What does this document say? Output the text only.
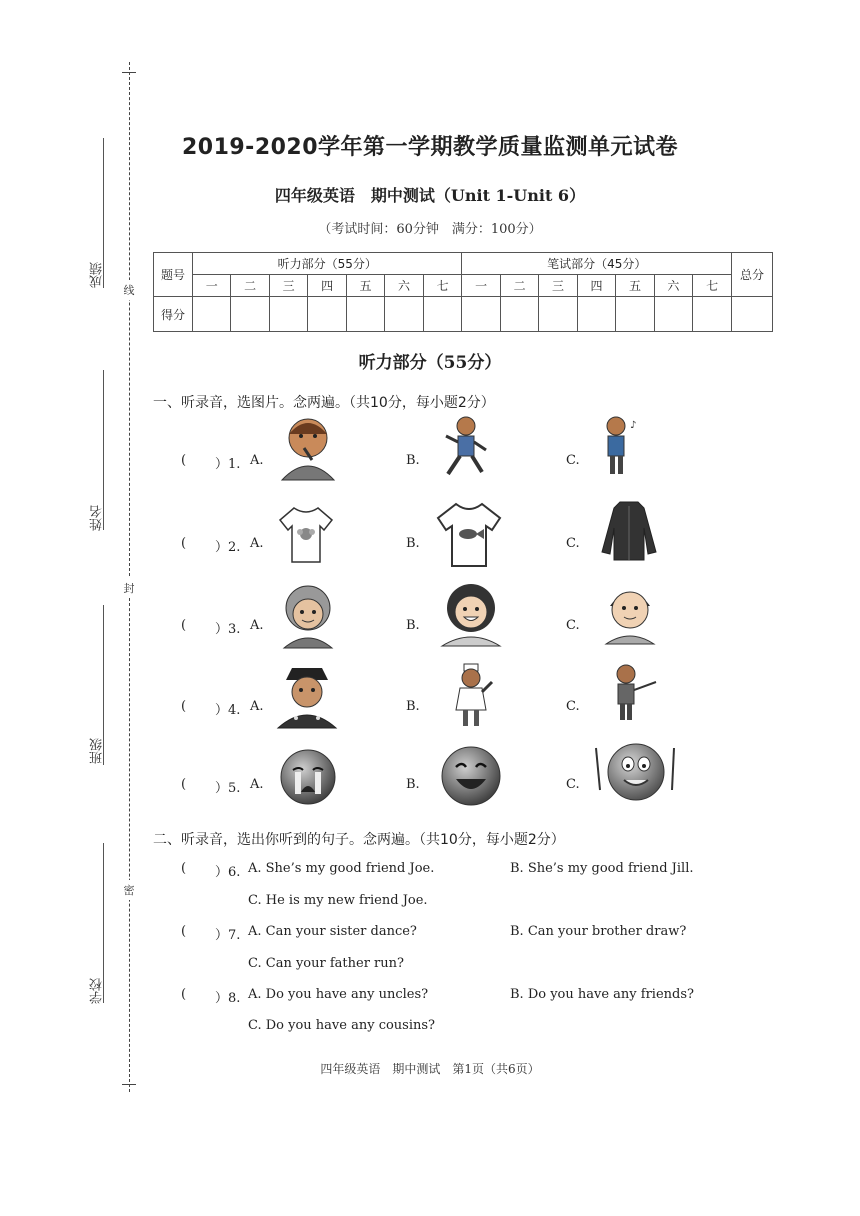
线
封
密
成绩
姓名
班级
学校
2019-2020学年第一学期教学质量监测单元试卷
四年级英语　期中测试（Unit 1-Unit 6）
（考试时间：60分钟　满分：100分）
题号	听力部分（55分）							笔试部分（45分）							总分
	一	二	三	四	五	六	七	一	二	三	四	五	六	七	
得分															
听力部分（55分）
一、听录音，选图片。念两遍。（共10分，每小题2分）
( ）1. A.	B.	C.
♪
( ）2. A.	B.	C.
( ）3. A.	B.	C.
( ）4. A.	B.	C.
( ）5. A.	B.	C.
二、听录音，选出你听到的句子。念两遍。（共10分，每小题2分）
( ）6. A. She’s my good friend Joe.	B. She’s my good friend Jill.
C. He is my new friend Joe.
( ）7. A. Can your sister dance?	B. Can your brother draw?
C. Can your father run?
( ）8. A. Do you have any uncles?	B. Do you have any friends?
C. Do you have any cousins?
四年级英语　期中测试　第1页（共6页）
